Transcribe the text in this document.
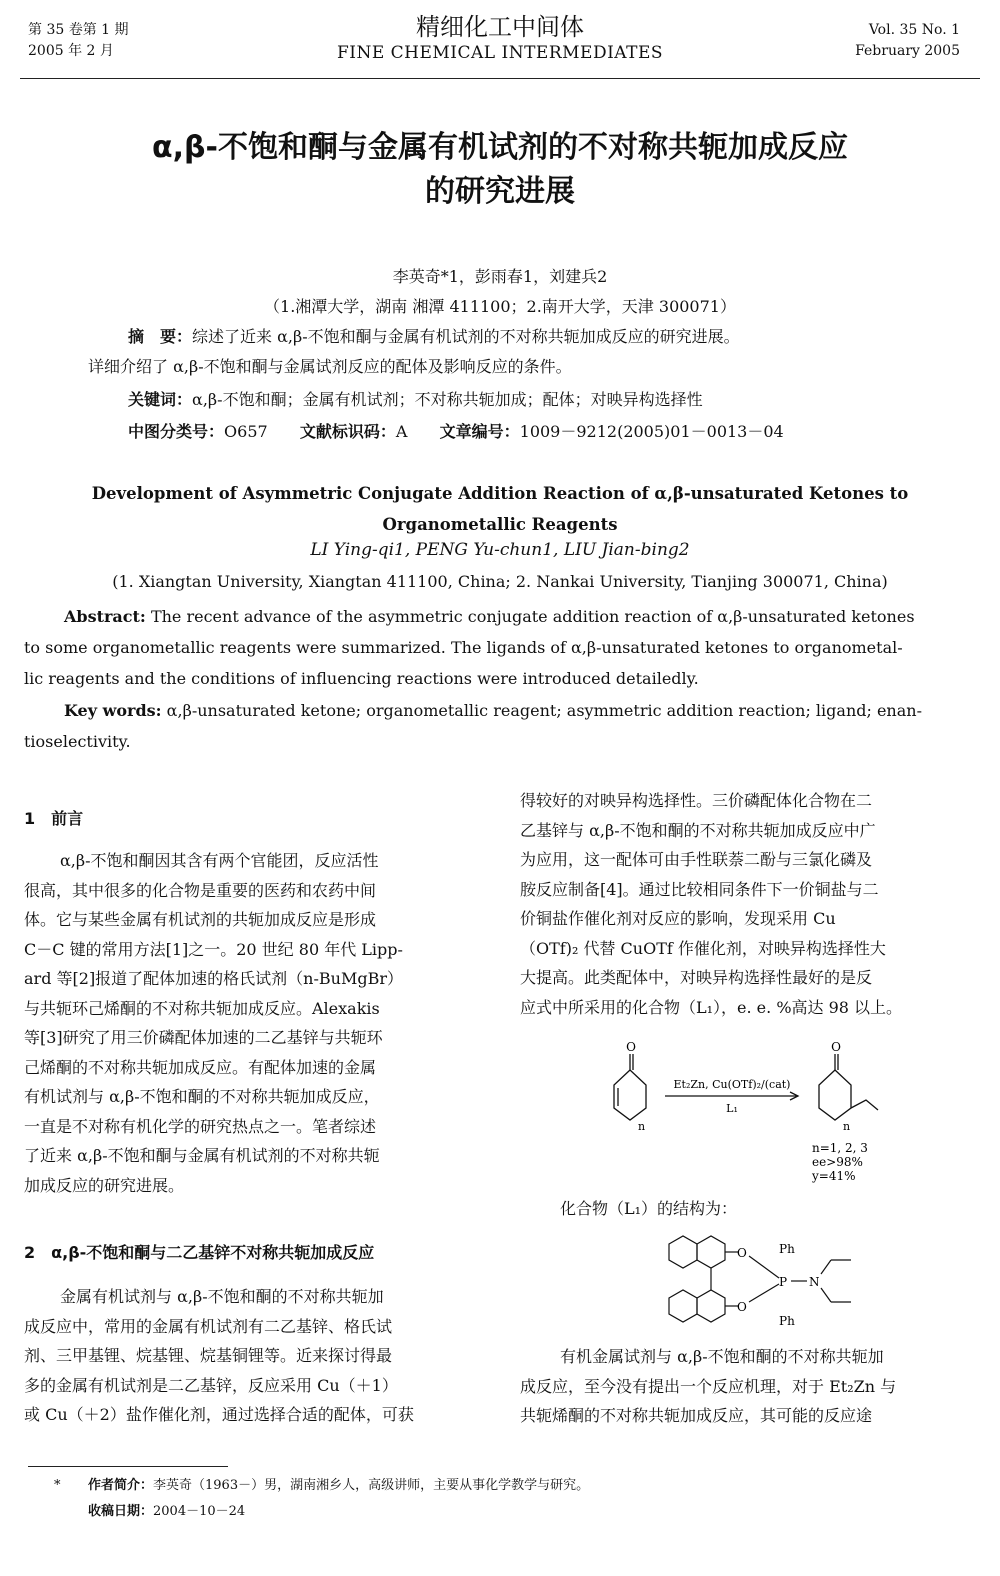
第 35 卷第 1 期
2005 年 2 月
精细化工中间体
FINE CHEMICAL INTERMEDIATES
Vol. 35 No. 1
February 2005
α,β-不饱和酮与金属有机试剂的不对称共轭加成反应
的研究进展
李英奇*1，彭雨春1，刘建兵2
（1.湘潭大学，湖南 湘潭 411100；2.南开大学，天津 300071）
摘　要：综述了近来 α,β-不饱和酮与金属有机试剂的不对称共轭加成反应的研究进展。
详细介绍了 α,β-不饱和酮与金属试剂反应的配体及影响反应的条件。
关键词：α,β-不饱和酮；金属有机试剂；不对称共轭加成；配体；对映异构选择性
中图分类号：O657 文献标识码：A 文章编号：1009－9212(2005)01－0013－04
Development of Asymmetric Conjugate Addition Reaction of α,β-unsaturated Ketones to
Organometallic Reagents
LI Ying-qi1, PENG Yu-chun1, LIU Jian-bing2
(1. Xiangtan University, Xiangtan 411100, China; 2. Nankai University, Tianjing 300071, China)
Abstract: The recent advance of the asymmetric conjugate addition reaction of α,β-unsaturated ketones
to some organometallic reagents were summarized. The ligands of α,β-unsaturated ketones to organometal-
lic reagents and the conditions of influencing reactions were introduced detailedly.
Key words: α,β-unsaturated ketone; organometallic reagent; asymmetric addition reaction; ligand; enan-
tioselectivity.
1　前言
α,β-不饱和酮因其含有两个官能团，反应活性
很高，其中很多的化合物是重要的医药和农药中间
体。它与某些金属有机试剂的共轭加成反应是形成
C－C 键的常用方法[1]之一。20 世纪 80 年代 Lipp-
ard 等[2]报道了配体加速的格氏试剂（n-BuMgBr）
与共轭环己烯酮的不对称共轭加成反应。Alexakis
等[3]研究了用三价磷配体加速的二乙基锌与共轭环
己烯酮的不对称共轭加成反应。有配体加速的金属
有机试剂与 α,β-不饱和酮的不对称共轭加成反应，
一直是不对称有机化学的研究热点之一。笔者综述
了近来 α,β-不饱和酮与金属有机试剂的不对称共轭
加成反应的研究进展。
2　α,β-不饱和酮与二乙基锌不对称共轭加成反应
金属有机试剂与 α,β-不饱和酮的不对称共轭加
成反应中，常用的金属有机试剂有二乙基锌、格氏试
剂、三甲基锂、烷基锂、烷基铜锂等。近来探讨得最
多的金属有机试剂是二乙基锌，反应采用 Cu（＋1）
或 Cu（＋2）盐作催化剂，通过选择合适的配体，可获
得较好的对映异构选择性。三价磷配体化合物在二
乙基锌与 α,β-不饱和酮的不对称共轭加成反应中广
为应用，这一配体可由手性联萘二酚与三氯化磷及
胺反应制备[4]。通过比较相同条件下一价铜盐与二
价铜盐作催化剂对反应的影响，发现采用 Cu
（OTf)₂ 代替 CuOTf 作催化剂，对映异构选择性大
大提高。此类配体中，对映异构选择性最好的是反
应式中所采用的化合物（L₁），e. e. %高达 98 以上。
O	O
n	n
Et₂Zn, Cu(OTf)₂/(cat)
L₁
n=1, 2, 3
ee>98%
y=41%
化合物（L₁）的结构为：
O
O
P N
Ph
Ph
有机金属试剂与 α,β-不饱和酮的不对称共轭加
成反应，至今没有提出一个反应机理，对于 Et₂Zn 与
共轭烯酮的不对称共轭加成反应，其可能的反应途
* 作者简介：李英奇（1963－）男，湖南湘乡人，高级讲师，主要从事化学教学与研究。
收稿日期：2004－10－24
